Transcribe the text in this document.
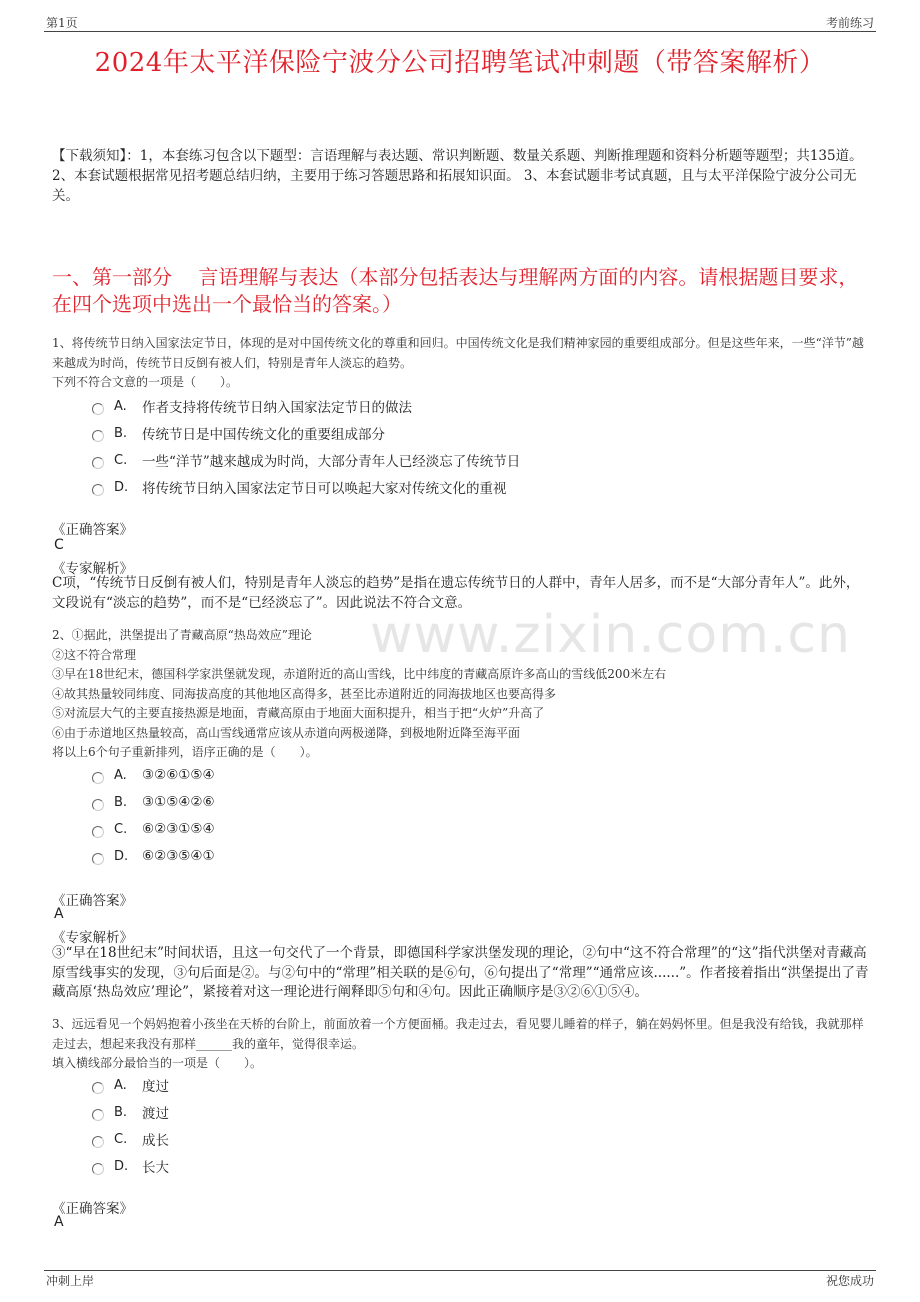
第1页	考前练习
2024年太平洋保险宁波分公司招聘笔试冲刺题（带答案解析）
【下载须知】：1，本套练习包含以下题型：言语理解与表达题、常识判断题、数量关系题、判断推理题和资料分析题等题型；共135道。 2、本套试题根据常见招考题总结归纳，主要用于练习答题思路和拓展知识面。 3、本套试题非考试真题，且与太平洋保险宁波分公司无关。
一、第一部分　 言语理解与表达（本部分包括表达与理解两方面的内容。请根据题目要求，在四个选项中选出一个最恰当的答案。）
www.zixin.com.cn
1、将传统节日纳入国家法定节日，体现的是对中国传统文化的尊重和回归。中国传统文化是我们精神家园的重要组成部分。但是这些年来，一些“洋节”越来越成为时尚，传统节日反倒有被人们，特别是青年人淡忘的趋势。
下列不符合文意的一项是（　　）。
A.	作者支持将传统节日纳入国家法定节日的做法
B.	传统节日是中国传统文化的重要组成部分
C.	一些“洋节”越来越成为时尚，大部分青年人已经淡忘了传统节日
D.	将传统节日纳入国家法定节日可以唤起大家对传统文化的重视
《正确答案》
C
《专家解析》
C项，“传统节日反倒有被人们，特别是青年人淡忘的趋势”是指在遗忘传统节日的人群中，青年人居多，而不是“大部分青年人”。此外，文段说有“淡忘的趋势”，而不是“已经淡忘了”。因此说法不符合文意。
2、①据此，洪堡提出了青藏高原“热岛效应”理论
②这不符合常理
③早在18世纪末，德国科学家洪堡就发现，赤道附近的高山雪线，比中纬度的青藏高原许多高山的雪线低200米左右
④故其热量较同纬度、同海拔高度的其他地区高得多，甚至比赤道附近的同海拔地区也要高得多
⑤对流层大气的主要直接热源是地面，青藏高原由于地面大面积提升，相当于把“火炉”升高了
⑥由于赤道地区热量较高，高山雪线通常应该从赤道向两极递降，到极地附近降至海平面
将以上6个句子重新排列，语序正确的是（　　）。
A.	③②⑥①⑤④
B.	③①⑤④②⑥
C.	⑥②③①⑤④
D.	⑥②③⑤④①
《正确答案》
A
《专家解析》
③“早在18世纪末”时间状语，且这一句交代了一个背景，即德国科学家洪堡发现的理论，②句中“这不符合常理”的“这”指代洪堡对青藏高原雪线事实的发现，③句后面是②。与②句中的“常理”相关联的是⑥句，⑥句提出了“常理”“通常应该......”。作者接着指出“洪堡提出了青藏高原‘热岛效应’理论”，紧接着对这一理论进行阐释即⑤句和④句。因此正确顺序是③②⑥①⑤④。
3、远远看见一个妈妈抱着小孩坐在天桥的台阶上，前面放着一个方便面桶。我走过去，看见婴儿睡着的样子，躺在妈妈怀里。但是我没有给钱，我就那样走过去，想起来我没有那样______我的童年，觉得很幸运。
填入横线部分最恰当的一项是（　　）。
A.	度过
B.	渡过
C.	成长
D.	长大
《正确答案》
A
冲刺上岸	祝您成功
